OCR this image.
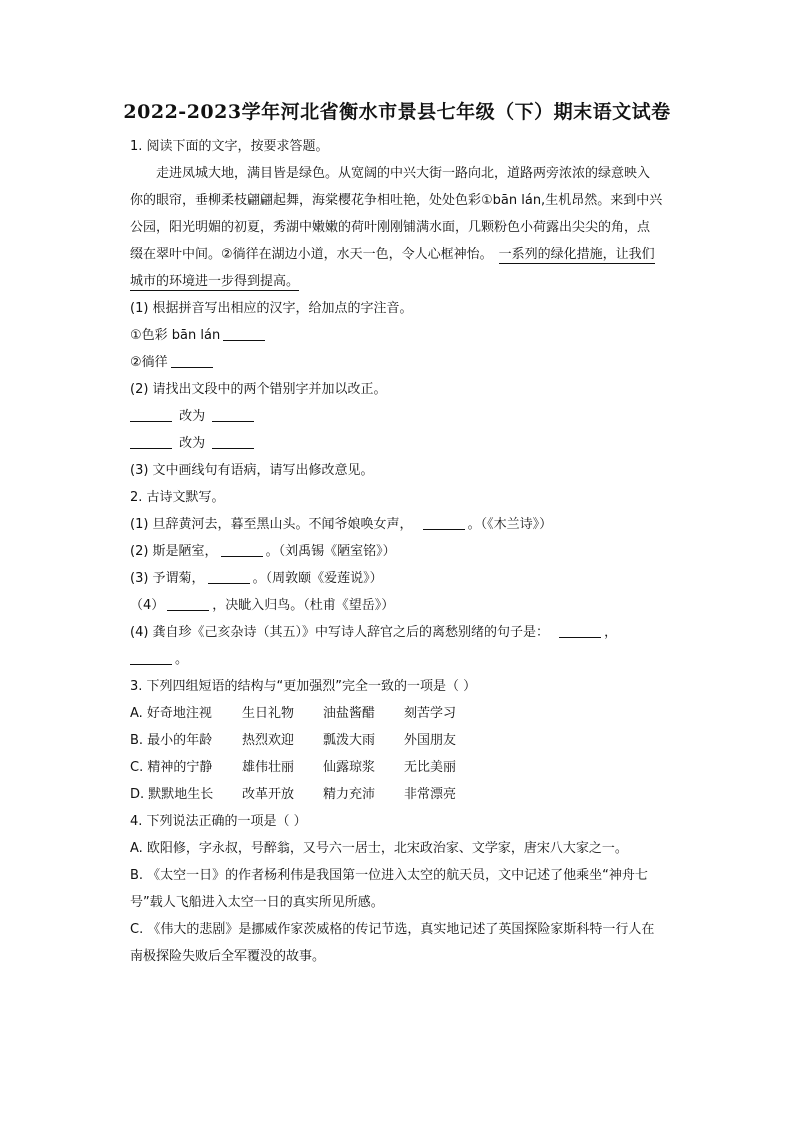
2022-2023学年河北省衡水市景县七年级（下）期末语文试卷
1. 阅读下面的文字，按要求答题。
走进凤城大地，满目皆是绿色。从宽阔的中兴大街一路向北，道路两旁浓浓的绿意映入
你的眼帘，垂柳柔枝翩翩起舞，海棠樱花争相吐艳，处处色彩①bān lán,生机昂然。来到中兴
公园，阳光明媚的初夏，秀湖中嫩嫩的荷叶刚刚铺满水面，几颗粉色小荷露出尖尖的角，点
缀在翠叶中间。②徜徉在湖边小道，水天一色，令人心框神怡。 一系列的绿化措施，让我们
城市的环境进一步得到提高。
(1) 根据拼音写出相应的汉字，给加点的字注音。
①色彩 bān lán
②徜徉
(2) 请找出文段中的两个错别字并加以改正。
改为
改为
(3) 文中画线句有语病，请写出修改意见。
2. 古诗文默写。
(1) 旦辞黄河去，暮至黑山头。不闻爷娘唤女声，	。（《木兰诗》）
(2) 斯是陋室，	。（刘禹锡《陋室铭》）
(3) 予谓菊，	。（周敦颐《爱莲说》）
（4）	，决眦入归鸟。（杜甫《望岳》）
(4) 龚自珍《己亥杂诗（其五）》中写诗人辞官之后的离愁别绪的句子是：	，
。
3. 下列四组短语的结构与“更加强烈”完全一致的一项是（ ）
A. 好奇地注视 生日礼物 油盐酱醋 刻苦学习
B. 最小的年龄 热烈欢迎 瓢泼大雨 外国朋友
C. 精神的宁静 雄伟壮丽 仙露琼浆 无比美丽
D. 默默地生长 改革开放 精力充沛 非常漂亮
4. 下列说法正确的一项是（ ）
A. 欧阳修，字永叔，号醉翁，又号六一居士，北宋政治家、文学家，唐宋八大家之一。
B. 《太空一日》的作者杨利伟是我国第一位进入太空的航天员，文中记述了他乘坐“神舟七
号”载人飞船进入太空一日的真实所见所感。
C. 《伟大的悲剧》是挪威作家茨威格的传记节选，真实地记述了英国探险家斯科特一行人在
南极探险失败后全军覆没的故事。
